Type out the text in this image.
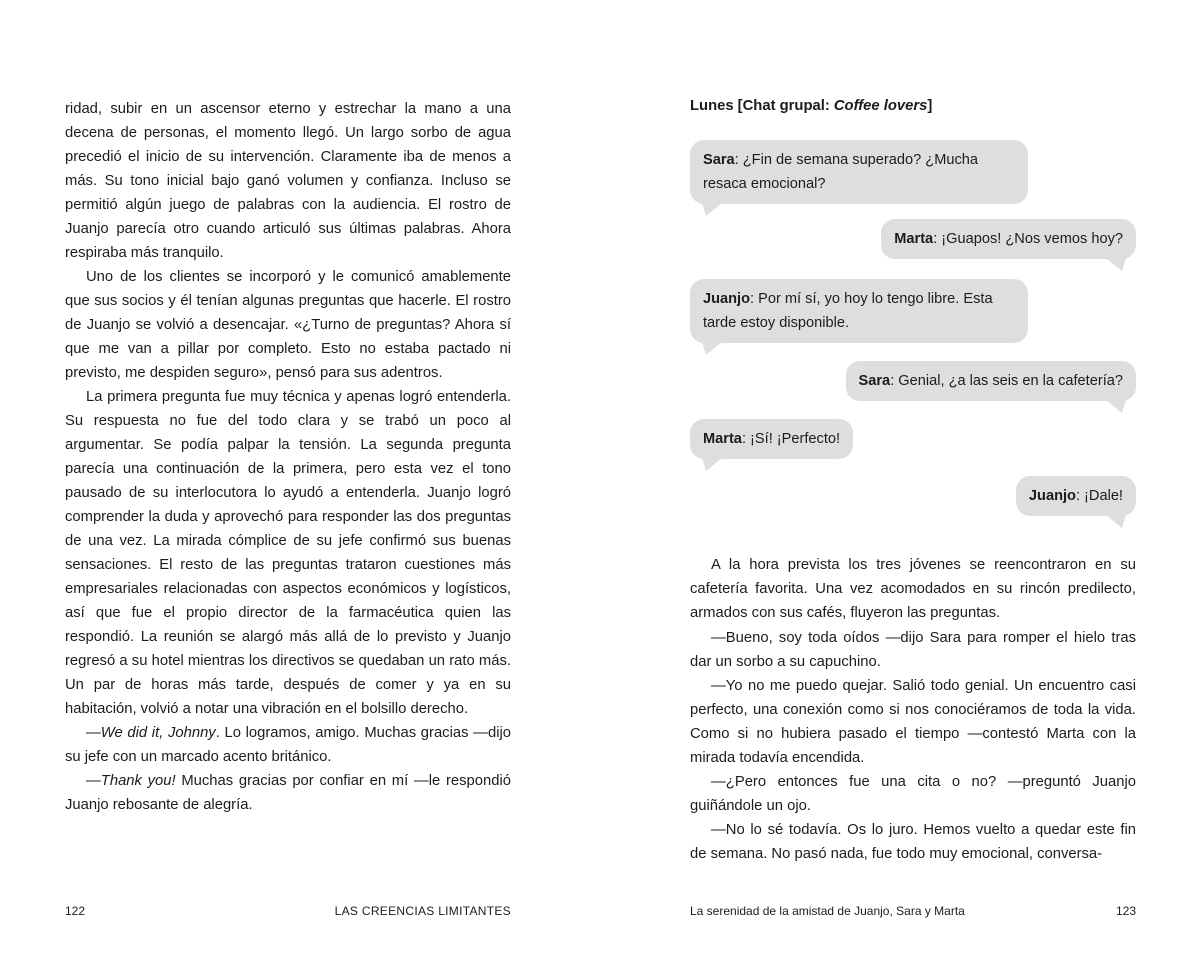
ridad, subir en un ascensor eterno y estrechar la mano a una decena de personas, el momento llegó. Un largo sorbo de agua precedió el inicio de su intervención. Claramente iba de menos a más. Su tono inicial bajo ganó volumen y confianza. Incluso se permitió algún juego de palabras con la audiencia. El rostro de Juanjo parecía otro cuando articuló sus últimas palabras. Ahora respiraba más tranquilo.

Uno de los clientes se incorporó y le comunicó amablemente que sus socios y él tenían algunas preguntas que hacerle. El rostro de Juanjo se volvió a desencajar. «¿Turno de preguntas? Ahora sí que me van a pillar por completo. Esto no estaba pactado ni previsto, me despiden seguro», pensó para sus adentros.

La primera pregunta fue muy técnica y apenas logró entenderla. Su respuesta no fue del todo clara y se trabó un poco al argumentar. Se podía palpar la tensión. La segunda pregunta parecía una continuación de la primera, pero esta vez el tono pausado de su interlocutora lo ayudó a entenderla. Juanjo logró comprender la duda y aprovechó para responder las dos preguntas de una vez. La mirada cómplice de su jefe confirmó sus buenas sensaciones. El resto de las preguntas trataron cuestiones más empresariales relacionadas con aspectos económicos y logísticos, así que fue el propio director de la farmacéutica quien las respondió. La reunión se alargó más allá de lo previsto y Juanjo regresó a su hotel mientras los directivos se quedaban un rato más. Un par de horas más tarde, después de comer y ya en su habitación, volvió a notar una vibración en el bolsillo derecho.

—We did it, Johnny. Lo logramos, amigo. Muchas gracias —dijo su jefe con un marcado acento británico.

—Thank you! Muchas gracias por confiar en mí —le respondió Juanjo rebosante de alegría.

122	LAS CREENCIAS LIMITANTES

Lunes [Chat grupal: Coffee lovers]

Sara: ¿Fin de semana superado? ¿Mucha resaca emocional?
Marta: ¡Guapos! ¿Nos vemos hoy?
Juanjo: Por mí sí, yo hoy lo tengo libre. Esta tarde estoy disponible.
Sara: Genial, ¿a las seis en la cafetería?
Marta: ¡Sí! ¡Perfecto!
Juanjo: ¡Dale!

A la hora prevista los tres jóvenes se reencontraron en su cafetería favorita. Una vez acomodados en su rincón predilecto, armados con sus cafés, fluyeron las preguntas.

—Bueno, soy toda oídos —dijo Sara para romper el hielo tras dar un sorbo a su capuchino.

—Yo no me puedo quejar. Salió todo genial. Un encuentro casi perfecto, una conexión como si nos conociéramos de toda la vida. Como si no hubiera pasado el tiempo —contestó Marta con la mirada todavía encendida.

—¿Pero entonces fue una cita o no? —preguntó Juanjo guiñándole un ojo.

—No lo sé todavía. Os lo juro. Hemos vuelto a quedar este fin de semana. No pasó nada, fue todo muy emocional, conversa-

La serenidad de la amistad de Juanjo, Sara y Marta	123
